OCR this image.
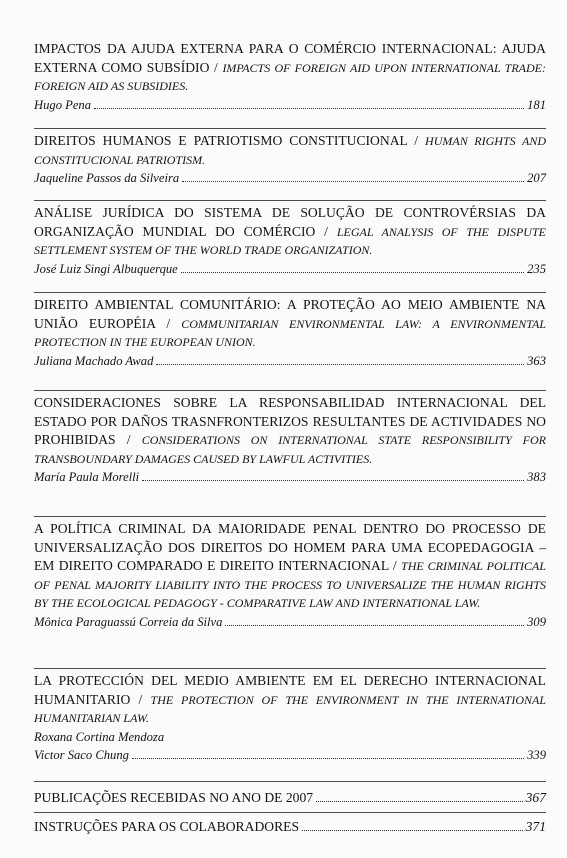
IMPACTOS DA AJUDA EXTERNA PARA O COMÉRCIO INTERNACIONAL: AJUDA EXTERNA COMO SUBSÍDIO / IMPACTS OF FOREIGN AID UPON INTERNATIONAL TRADE: FOREIGN AID AS SUBSIDIES.
Hugo Pena	181
DIREITOS HUMANOS E PATRIOTISMO CONSTITUCIONAL / HUMAN RIGHTS AND CONSTITUCIONAL PATRIOTISM.
Jaqueline Passos da Silveira	207
ANÁLISE JURÍDICA DO SISTEMA DE SOLUÇÃO DE CONTROVÉRSIAS DA ORGANIZAÇÃO MUNDIAL DO COMÉRCIO / LEGAL ANALYSIS OF THE DISPUTE SETTLEMENT SYSTEM OF THE WORLD TRADE ORGANIZATION.
José Luiz Singi Albuquerque	235
DIREITO AMBIENTAL COMUNITÁRIO: A PROTEÇÃO AO MEIO AMBIENTE NA UNIÃO EUROPÉIA / COMMUNITARIAN ENVIRONMENTAL LAW: A ENVIRONMENTAL PROTECTION IN THE EUROPEAN UNION.
Juliana Machado Awad	363
CONSIDERACIONES SOBRE LA RESPONSABILIDAD INTERNACIONAL DEL ESTADO POR DAÑOS TRASNFRONTERIZOS RESULTANTES DE ACTIVIDADES NO PROHIBIDAS / CONSIDERATIONS ON INTERNATIONAL STATE RESPONSIBILITY FOR TRANSBOUNDARY DAMAGES CAUSED BY LAWFUL ACTIVITIES.
María Paula Morelli	383
A POLÍTICA CRIMINAL DA MAIORIDADE PENAL DENTRO DO PROCESSO DE UNIVERSALIZAÇÃO DOS DIREITOS DO HOMEM PARA UMA ECOPEDAGOGIA – EM DIREITO COMPARADO E DIREITO INTERNACIONAL / THE CRIMINAL POLITICAL OF PENAL MAJORITY LIABILITY INTO THE PROCESS TO UNIVERSALIZE THE HUMAN RIGHTS BY THE ECOLOGICAL PEDAGOGY - COMPARATIVE LAW AND INTERNATIONAL LAW.
Mônica Paraguassú Correia da Silva	309
LA PROTECCIÓN DEL MEDIO AMBIENTE EM EL DERECHO INTERNACIONAL HUMANITARIO / THE PROTECTION OF THE ENVIRONMENT IN THE INTERNATIONAL HUMANITARIAN LAW.
Roxana Cortina Mendoza
Victor Saco Chung	339
PUBLICAÇÕES RECEBIDAS NO ANO DE 2007	367
INSTRUÇÕES PARA OS COLABORADORES	371
